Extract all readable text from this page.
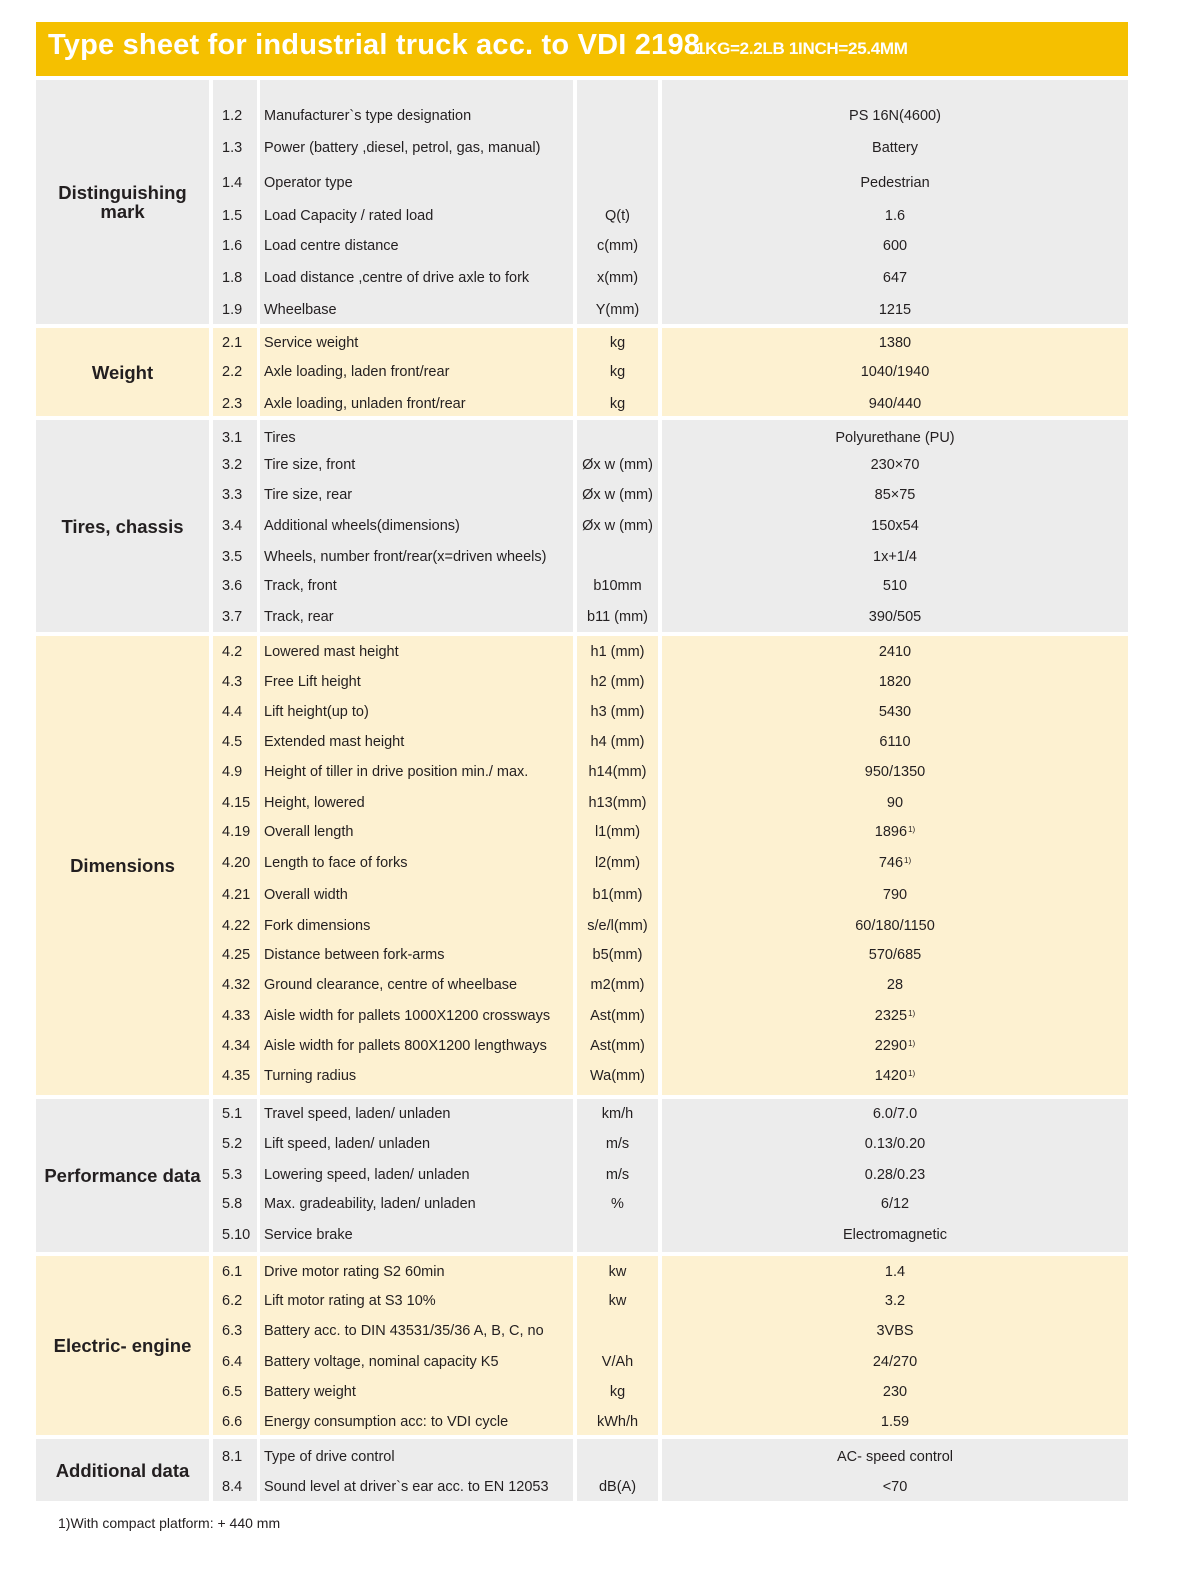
Type sheet for industrial truck acc. to VDI 2198
1KG=2.2LB 1INCH=25.4MM
Distinguishing mark
1.2 Manufacturer`s type designation	PS 16N(4600)
1.3 Power (battery ,diesel, petrol, gas, manual)	Battery
1.4 Operator type	Pedestrian
1.5 Load Capacity / rated load	Q(t)	1.6
1.6 Load centre distance	c(mm)	600
1.8 Load distance ,centre of drive axle to fork	x(mm)	647
1.9 Wheelbase	Y(mm)	1215
Weight
2.1 Service weight	kg	1380
2.2 Axle loading, laden front/rear	kg	1040/1940
2.3 Axle loading, unladen front/rear	kg	940/440
Tires, chassis
3.1 Tires	Polyurethane (PU)
3.2 Tire size, front	Øx w (mm)	230×70
3.3 Tire size, rear	Øx w (mm)	85×75
3.4 Additional wheels(dimensions)	Øx w (mm)	150x54
3.5 Wheels, number front/rear(x=driven wheels)	1x+1/4
3.6 Track, front	b10mm	510
3.7 Track, rear	b11 (mm)	390/505
Dimensions
4.2 Lowered mast height	h1 (mm)	2410
4.3 Free Lift height	h2 (mm)	1820
4.4 Lift height(up to)	h3 (mm)	5430
4.5 Extended mast height	h4 (mm)	6110
4.9 Height of tiller in drive position min./ max.	h14(mm)	950/1350
4.15 Height, lowered	h13(mm)	90
4.19 Overall length	l1(mm)	1896$^{1)}$
4.20 Length to face of forks	l2(mm)	746$^{1)}$
4.21 Overall width	b1(mm)	790
4.22 Fork dimensions	s/e/l(mm)	60/180/1150
4.25 Distance between fork-arms	b5(mm)	570/685
4.32 Ground clearance, centre of wheelbase	m2(mm)	28
4.33 Aisle width for pallets 1000X1200 crossways	Ast(mm)	2325$^{1)}$
4.34 Aisle width for pallets 800X1200 lengthways	Ast(mm)	2290$^{1)}$
4.35 Turning radius	Wa(mm)	1420$^{1)}$
Performance data
5.1 Travel speed, laden/ unladen	km/h	6.0/7.0
5.2 Lift speed, laden/ unladen	m/s	0.13/0.20
5.3 Lowering speed, laden/ unladen	m/s	0.28/0.23
5.8 Max. gradeability, laden/ unladen	%	6/12
5.10 Service brake	Electromagnetic
Electric- engine
6.1 Drive motor rating S2 60min	kw	1.4
6.2 Lift motor rating at S3 10%	kw	3.2
6.3 Battery acc. to DIN 43531/35/36 A, B, C, no	3VBS
6.4 Battery voltage, nominal capacity K5	V/Ah	24/270
6.5 Battery weight	kg	230
6.6 Energy consumption acc: to VDI cycle	kWh/h	1.59
Additional data
8.1 Type of drive control	AC- speed control
8.4 Sound level at driver`s ear acc. to EN 12053	dB(A)	<70
1)With compact platform: + 440 mm
